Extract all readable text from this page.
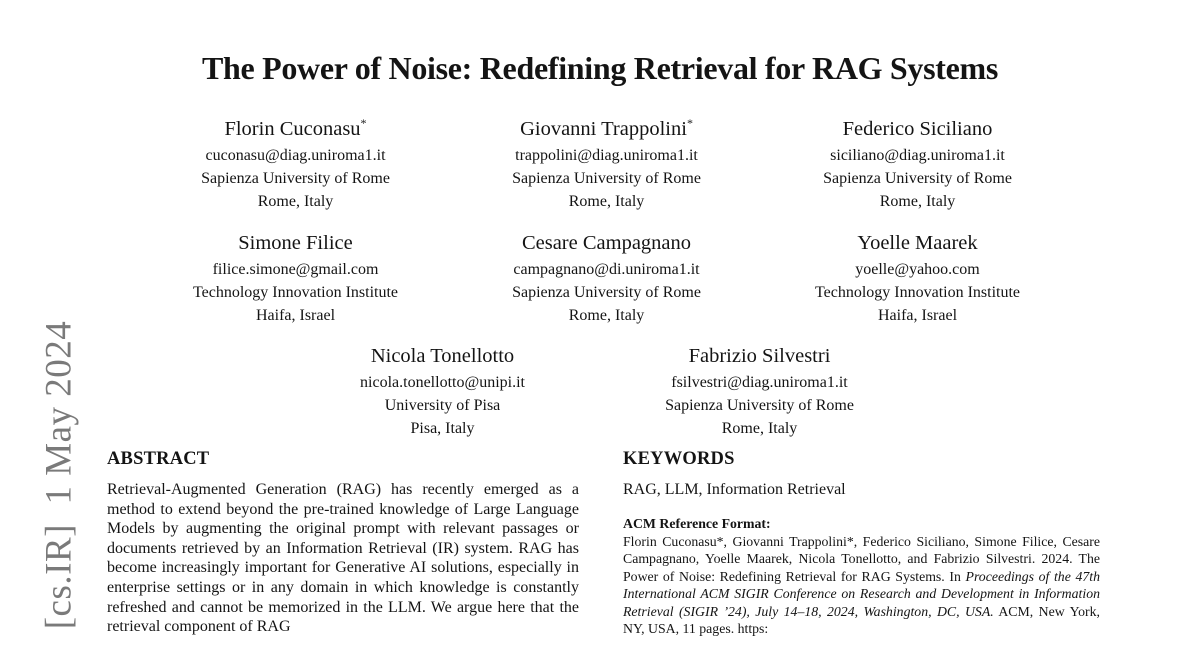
[cs.IR]  1 May 2024
The Power of Noise: Redefining Retrieval for RAG Systems
Florin Cuconasu*
cuconasu@diag.uniroma1.it
Sapienza University of Rome
Rome, Italy
Giovanni Trappolini*
trappolini@diag.uniroma1.it
Sapienza University of Rome
Rome, Italy
Federico Siciliano
siciliano@diag.uniroma1.it
Sapienza University of Rome
Rome, Italy
Simone Filice
filice.simone@gmail.com
Technology Innovation Institute
Haifa, Israel
Cesare Campagnano
campagnano@di.uniroma1.it
Sapienza University of Rome
Rome, Italy
Yoelle Maarek
yoelle@yahoo.com
Technology Innovation Institute
Haifa, Israel
Nicola Tonellotto
nicola.tonellotto@unipi.it
University of Pisa
Pisa, Italy
Fabrizio Silvestri
fsilvestri@diag.uniroma1.it
Sapienza University of Rome
Rome, Italy
ABSTRACT

Retrieval-Augmented Generation (RAG) has recently emerged as a method to extend beyond the pre-trained knowledge of Large Language Models by augmenting the original prompt with relevant passages or documents retrieved by an Information Retrieval (IR) system. RAG has become increasingly important for Generative AI solutions, especially in enterprise settings or in any domain in which knowledge is constantly refreshed and cannot be memorized in the LLM. We argue here that the retrieval component of RAG

KEYWORDS

RAG, LLM, Information Retrieval

ACM Reference Format:

Florin Cuconasu*, Giovanni Trappolini*, Federico Siciliano, Simone Filice, Cesare Campagnano, Yoelle Maarek, Nicola Tonellotto, and Fabrizio Silvestri. 2024. The Power of Noise: Redefining Retrieval for RAG Systems. In Proceedings of the 47th International ACM SIGIR Conference on Research and Development in Information Retrieval (SIGIR ’24), July 14–18, 2024, Washington, DC, USA. ACM, New York, NY, USA, 11 pages. https:
